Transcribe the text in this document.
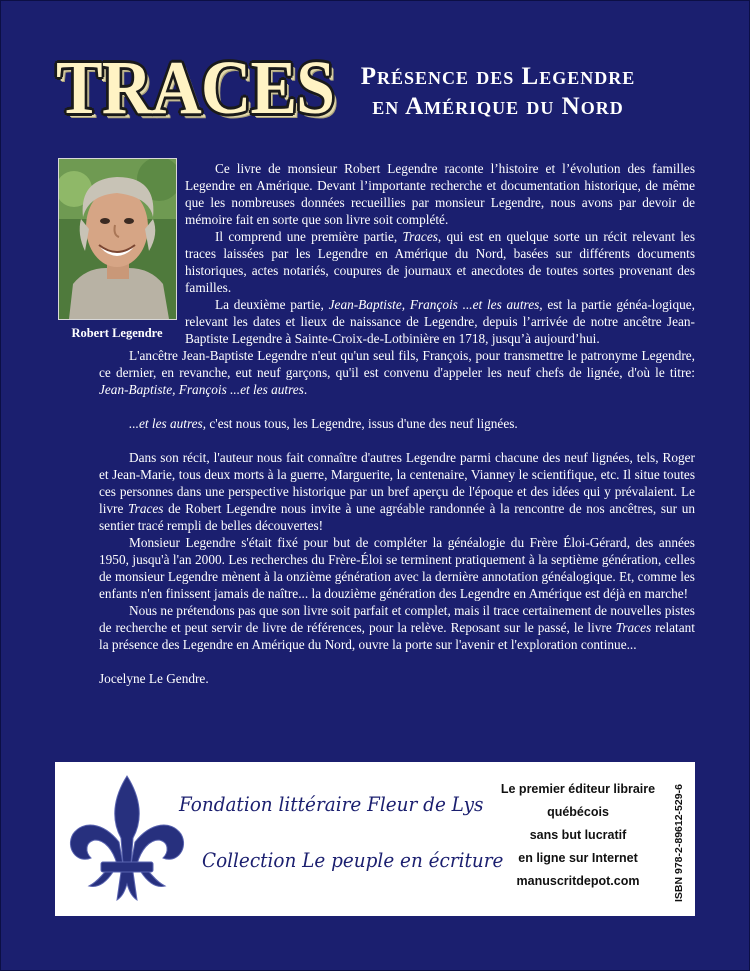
TRACES	Présence des Legendre
en Amérique du Nord
Robert Legendre

Ce livre de monsieur Robert Legendre raconte l’histoire et l’évolution des familles Legendre en Amérique. Devant l’importante recherche et documentation historique, de même que les nombreuses données recueillies par monsieur Legendre, nous avons par devoir de mémoire fait en sorte que son livre soit complété.

Il comprend une première partie, Traces, qui est en quelque sorte un récit relevant les traces laissées par les Legendre en Amérique du Nord, basées sur différents documents historiques, actes notariés, coupures de journaux et anecdotes de toutes sortes provenant des familles.

La deuxième partie, Jean-Baptiste, François ...et les autres, est la partie généa-logique, relevant les dates et lieux de naissance de Legendre, depuis l’arrivée de notre ancêtre Jean-Baptiste Legendre à Sainte-Croix-de-Lotbinière en 1718, jusqu’à aujourd’hui.

L'ancêtre Jean-Baptiste Legendre n'eut qu'un seul fils, François, pour transmettre le patronyme Legendre, ce dernier, en revanche, eut neuf garçons, qu'il est convenu d'appeler les neuf chefs de lignée, d'où le titre: Jean-Baptiste, François ...et les autres.

...et les autres, c'est nous tous, les Legendre, issus d'une des neuf lignées.

Dans son récit, l'auteur nous fait connaître d'autres Legendre parmi chacune des neuf lignées, tels, Roger et Jean-Marie, tous deux morts à la guerre, Marguerite, la centenaire, Vianney le scientifique, etc. Il situe toutes ces personnes dans une perspective historique par un bref aperçu de l'époque et des idées qui y prévalaient. Le livre Traces de Robert Legendre nous invite à une agréable randonnée à la rencontre de nos ancêtres, sur un sentier tracé rempli de belles découvertes!

Monsieur Legendre s'était fixé pour but de compléter la généalogie du Frère Éloi-Gérard, des années 1950, jusqu'à l'an 2000. Les recherches du Frère-Éloi se terminent pratiquement à la septième génération, celles de monsieur Legendre mènent à la onzième génération avec la dernière annotation généalogique. Et, comme les enfants n'en finissent jamais de naître... la douzième génération des Legendre en Amérique est déjà en marche!

Nous ne prétendons pas que son livre soit parfait et complet, mais il trace certainement de nouvelles pistes de recherche et peut servir de livre de références, pour la relève. Reposant sur le passé, le livre Traces relatant la présence des Legendre en Amérique du Nord, ouvre la porte sur l'avenir et l'exploration continue...

Jocelyne Le Gendre.

Fondation littéraire Fleur de Lys
Collection Le peuple en écriture
Le premier éditeur libraire
québécois
sans but lucratif
en ligne sur Internet
manuscritdepot.com	ISBN 978-2-89612-529-6
